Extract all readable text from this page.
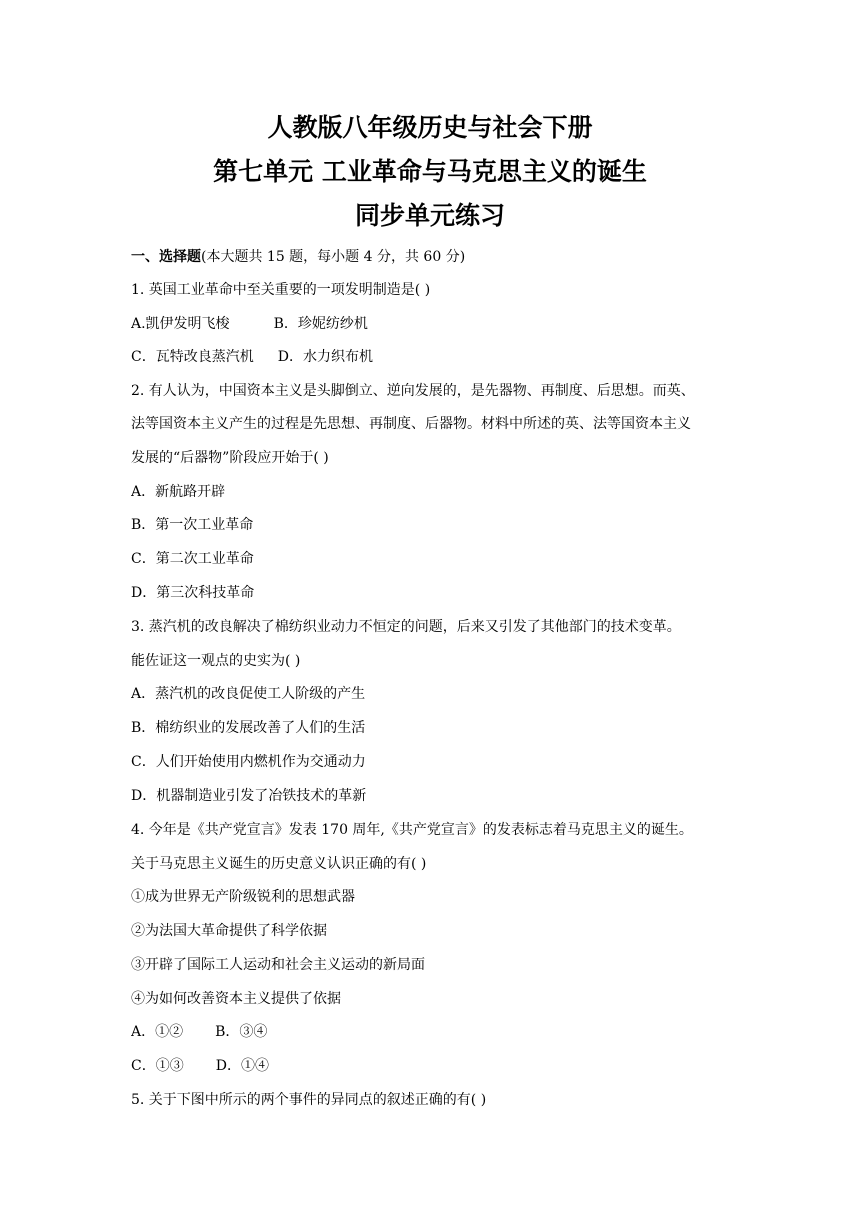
人教版八年级历史与社会下册
第七单元 工业革命与马克思主义的诞生
同步单元练习
一、选择题(本大题共 15 题，每小题 4 分，共 60 分)
1. 英国工业革命中至关重要的一项发明制造是( )
A.凯伊发明飞梭	B．珍妮纺纱机
C．瓦特改良蒸汽机 D．水力织布机
2. 有人认为，中国资本主义是头脚倒立、逆向发展的，是先器物、再制度、后思想。而英、
法等国资本主义产生的过程是先思想、再制度、后器物。材料中所述的英、法等国资本主义
发展的“后器物”阶段应开始于( )
A．新航路开辟
B．第一次工业革命
C．第二次工业革命
D．第三次科技革命
3. 蒸汽机的改良解决了棉纺织业动力不恒定的问题，后来又引发了其他部门的技术变革。
能佐证这一观点的史实为( )
A．蒸汽机的改良促使工人阶级的产生
B．棉纺织业的发展改善了人们的生活
C．人们开始使用内燃机作为交通动力
D．机器制造业引发了冶铁技术的革新
4. 今年是《共产党宣言》发表 170 周年,《共产党宣言》的发表标志着马克思主义的诞生。
关于马克思主义诞生的历史意义认识正确的有( )
①成为世界无产阶级锐利的思想武器
②为法国大革命提供了科学依据
③开辟了国际工人运动和社会主义运动的新局面
④为如何改善资本主义提供了依据
A．①② B．③④
C．①③ D．①④
5. 关于下图中所示的两个事件的异同点的叙述正确的有( )
